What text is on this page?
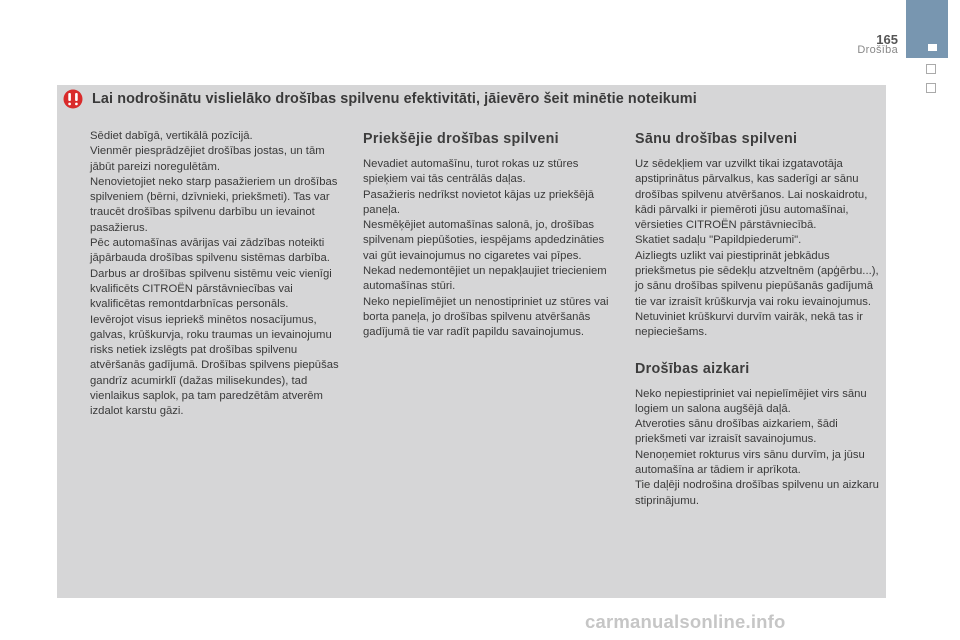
165
Drošība
Lai nodrošinātu vislielāko drošības spilvenu efektivitāti, jāievēro šeit minētie noteikumi

Sēdiet dabīgā, vertikālā pozīcijā.
Vienmēr piesprādzējiet drošības jostas, un tām jābūt pareizi noregulētām.
Nenovietojiet neko starp pasažieriem un drošības spilveniem (bērni, dzīvnieki, priekšmeti). Tas var traucēt drošības spilvenu darbību un ievainot pasažierus.
Pēc automašīnas avārijas vai zādzības noteikti jāpārbauda drošības spilvenu sistēmas darbība.
Darbus ar drošības spilvenu sistēmu veic vienīgi kvalificēts CITROËN pārstāvniecības vai kvalificētas remontdarbnīcas personāls.
Ievērojot visus iepriekš minētos nosacījumus, galvas, krūškurvja, roku traumas un ievainojumu risks netiek izslēgts pat drošības spilvenu atvēršanās gadījumā. Drošības spilvens piepūšas gandrīz acumirklī (dažas milisekundes), tad vienlaikus saplok, pa tam paredzētām atverēm izdalot karstu gāzi.

Priekšējie drošības spilveni

Nevadiet automašīnu, turot rokas uz stūres spieķiem vai tās centrālās daļas.
Pasažieris nedrīkst novietot kājas uz priekšējā paneļa.
Nesmēķējiet automašīnas salonā, jo, drošības spilvenam piepūšoties, iespējams apdedzināties vai gūt ievainojumus no cigaretes vai pīpes.
Nekad nedemontējiet un nepakļaujiet triecieniem automašīnas stūri.
Neko nepielīmējiet un nenostipriniet uz stūres vai borta paneļa, jo drošības spilvenu atvēršanās gadījumā tie var radīt papildu savainojumus.

Sānu drošības spilveni

Uz sēdekļiem var uzvilkt tikai izgatavotāja apstiprinātus pārvalkus, kas saderīgi ar sānu drošības spilvenu atvēršanos. Lai noskaidrotu, kādi pārvalki ir piemēroti jūsu automašīnai, vērsieties CITROËN pārstāvniecībā.
Skatiet sadaļu "Papildpiederumi".
Aizliegts uzlikt vai piestiprināt jebkādus priekšmetus pie sēdekļu atzveltnēm (apģērbu...), jo sānu drošības spilvenu piepūšanās gadījumā tie var izraisīt krūškurvja vai roku ievainojumus.
Netuviniet krūškurvi durvīm vairāk, nekā tas ir nepieciešams.

Drošības aizkari

Neko nepiestipriniet vai nepielīmējiet virs sānu logiem un salona augšējā daļā.
Atveroties sānu drošības aizkariem, šādi priekšmeti var izraisīt savainojumus.
Nenoņemiet rokturus virs sānu durvīm, ja jūsu automašīna ar tādiem ir aprīkota.
Tie daļēji nodrošina drošības spilvenu un aizkaru stiprinājumu.

carmanualsonline.info
